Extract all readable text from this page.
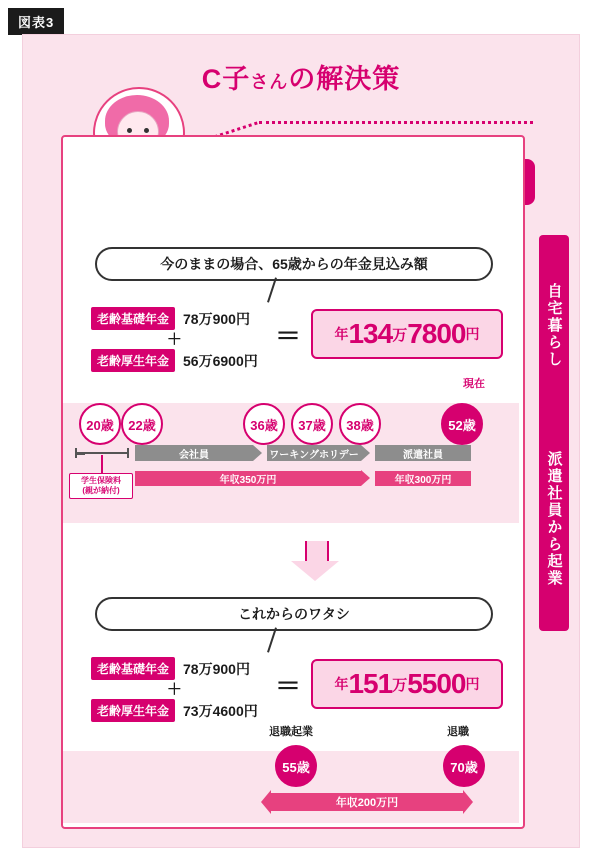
図表3
C子さんの解決策
自宅暮らし
派遣社員から起業
今のままの場合、65歳からの年金見込み額
老齢基礎年金	78万900円
＋
老齢厚生年金	56万6900円
＝ 年 134 万 7800 円
現在
20歳 22歳	36歳 37歳 38歳	52歳
会社員	ワーキングホリデー	派遣社員
年収350万円	年収300万円
学生保険料
(親が納付)
これからのワタシ
老齢基礎年金	78万900円
＋
老齢厚生年金	73万4600円
＝ 年 151 万 5500 円
退職起業	退職
55歳	70歳
年収200万円
